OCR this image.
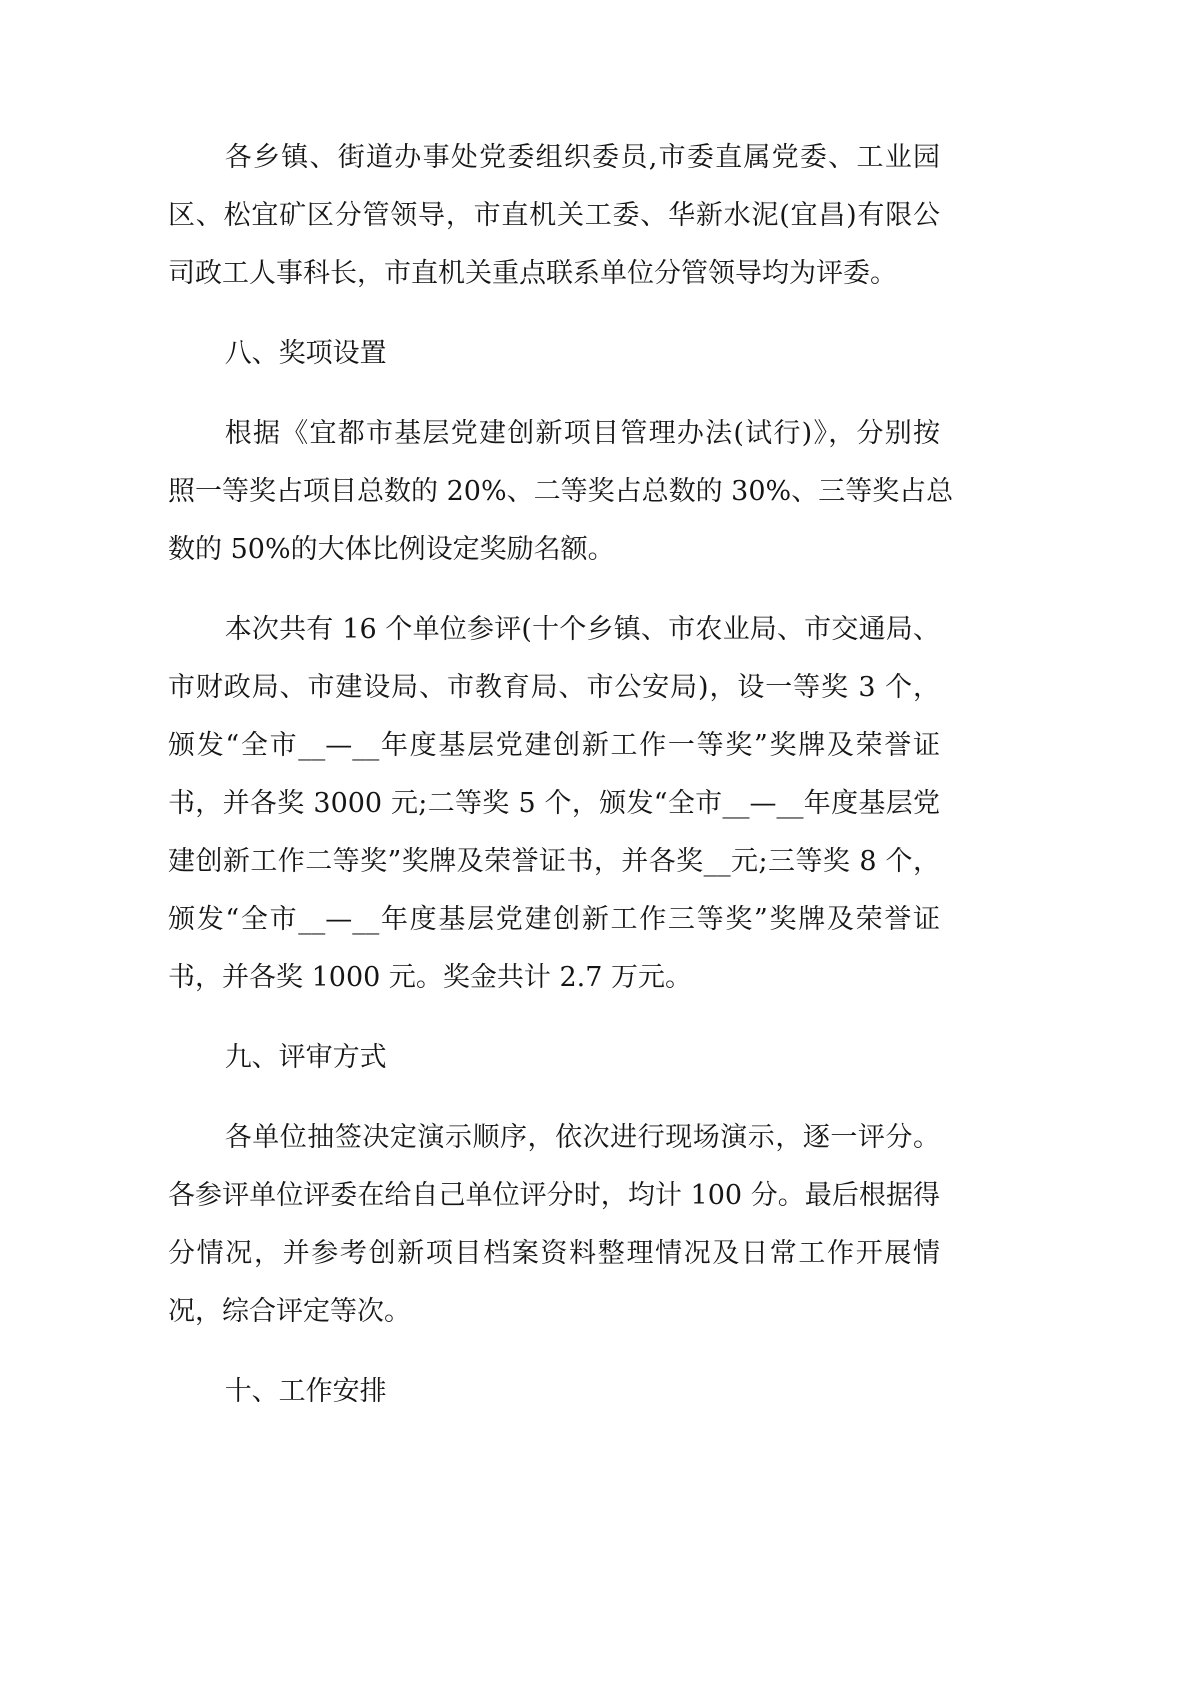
各乡镇、街道办事处党委组织委员,市委直属党委、工业园
区、松宜矿区分管领导，市直机关工委、华新水泥(宜昌)有限公
司政工人事科长，市直机关重点联系单位分管领导均为评委。
八、奖项设置
根据《宜都市基层党建创新项目管理办法(试行)》，分别按
照一等奖占项目总数的 20%、二等奖占总数的 30%、三等奖占总
数的 50%的大体比例设定奖励名额。
本次共有 16 个单位参评(十个乡镇、市农业局、市交通局、
市财政局、市建设局、市教育局、市公安局)，设一等奖 3 个，
颁发“全市__—__年度基层党建创新工作一等奖”奖牌及荣誉证
书，并各奖 3000 元;二等奖 5 个，颁发“全市__—__年度基层党
建创新工作二等奖”奖牌及荣誉证书，并各奖__元;三等奖 8 个，
颁发“全市__—__年度基层党建创新工作三等奖”奖牌及荣誉证
书，并各奖 1000 元。奖金共计 2.7 万元。
九、评审方式
各单位抽签决定演示顺序，依次进行现场演示，逐一评分。
各参评单位评委在给自己单位评分时，均计 100 分。最后根据得
分情况，并参考创新项目档案资料整理情况及日常工作开展情
况，综合评定等次。
十、工作安排
